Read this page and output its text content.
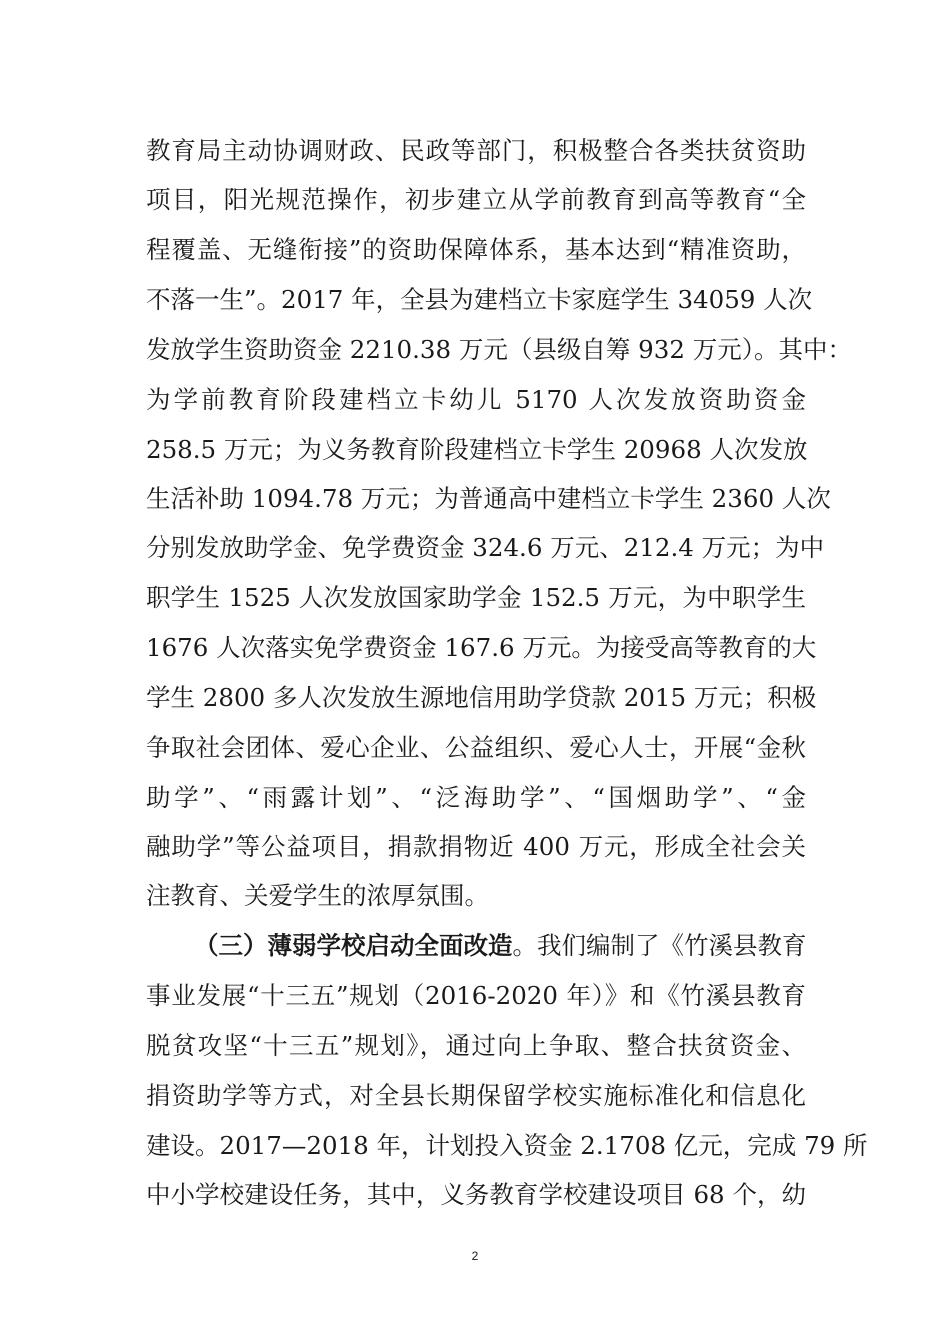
教育局主动协调财政、民政等部门，积极整合各类扶贫资助
项目，阳光规范操作，初步建立从学前教育到高等教育“全
程覆盖、无缝衔接”的资助保障体系，基本达到“精准资助，
不落一生”。2017 年，全县为建档立卡家庭学生 34059 人次
发放学生资助资金 2210.38 万元（县级自筹 932 万元）。其中：
为学前教育阶段建档立卡幼儿 5170 人次发放资助资金
258.5 万元；为义务教育阶段建档立卡学生 20968 人次发放
生活补助 1094.78 万元；为普通高中建档立卡学生 2360 人次
分别发放助学金、免学费资金 324.6 万元、212.4 万元；为中
职学生 1525 人次发放国家助学金 152.5 万元，为中职学生
1676 人次落实免学费资金 167.6 万元。为接受高等教育的大
学生 2800 多人次发放生源地信用助学贷款 2015 万元；积极
争取社会团体、爱心企业、公益组织、爱心人士，开展“金秋
助学”、“雨露计划”、“泛海助学”、“国烟助学”、“金
融助学”等公益项目，捐款捐物近 400 万元，形成全社会关
注教育、关爱学生的浓厚氛围。
（三）薄弱学校启动全面改造。我们编制了《竹溪县教育
事业发展“十三五”规划（2016-2020 年）》和《竹溪县教育
脱贫攻坚“十三五”规划》，通过向上争取、整合扶贫资金、
捐资助学等方式，对全县长期保留学校实施标准化和信息化
建设。2017—2018 年，计划投入资金 2.1708 亿元，完成 79 所
中小学校建设任务，其中，义务教育学校建设项目 68 个，幼
2
